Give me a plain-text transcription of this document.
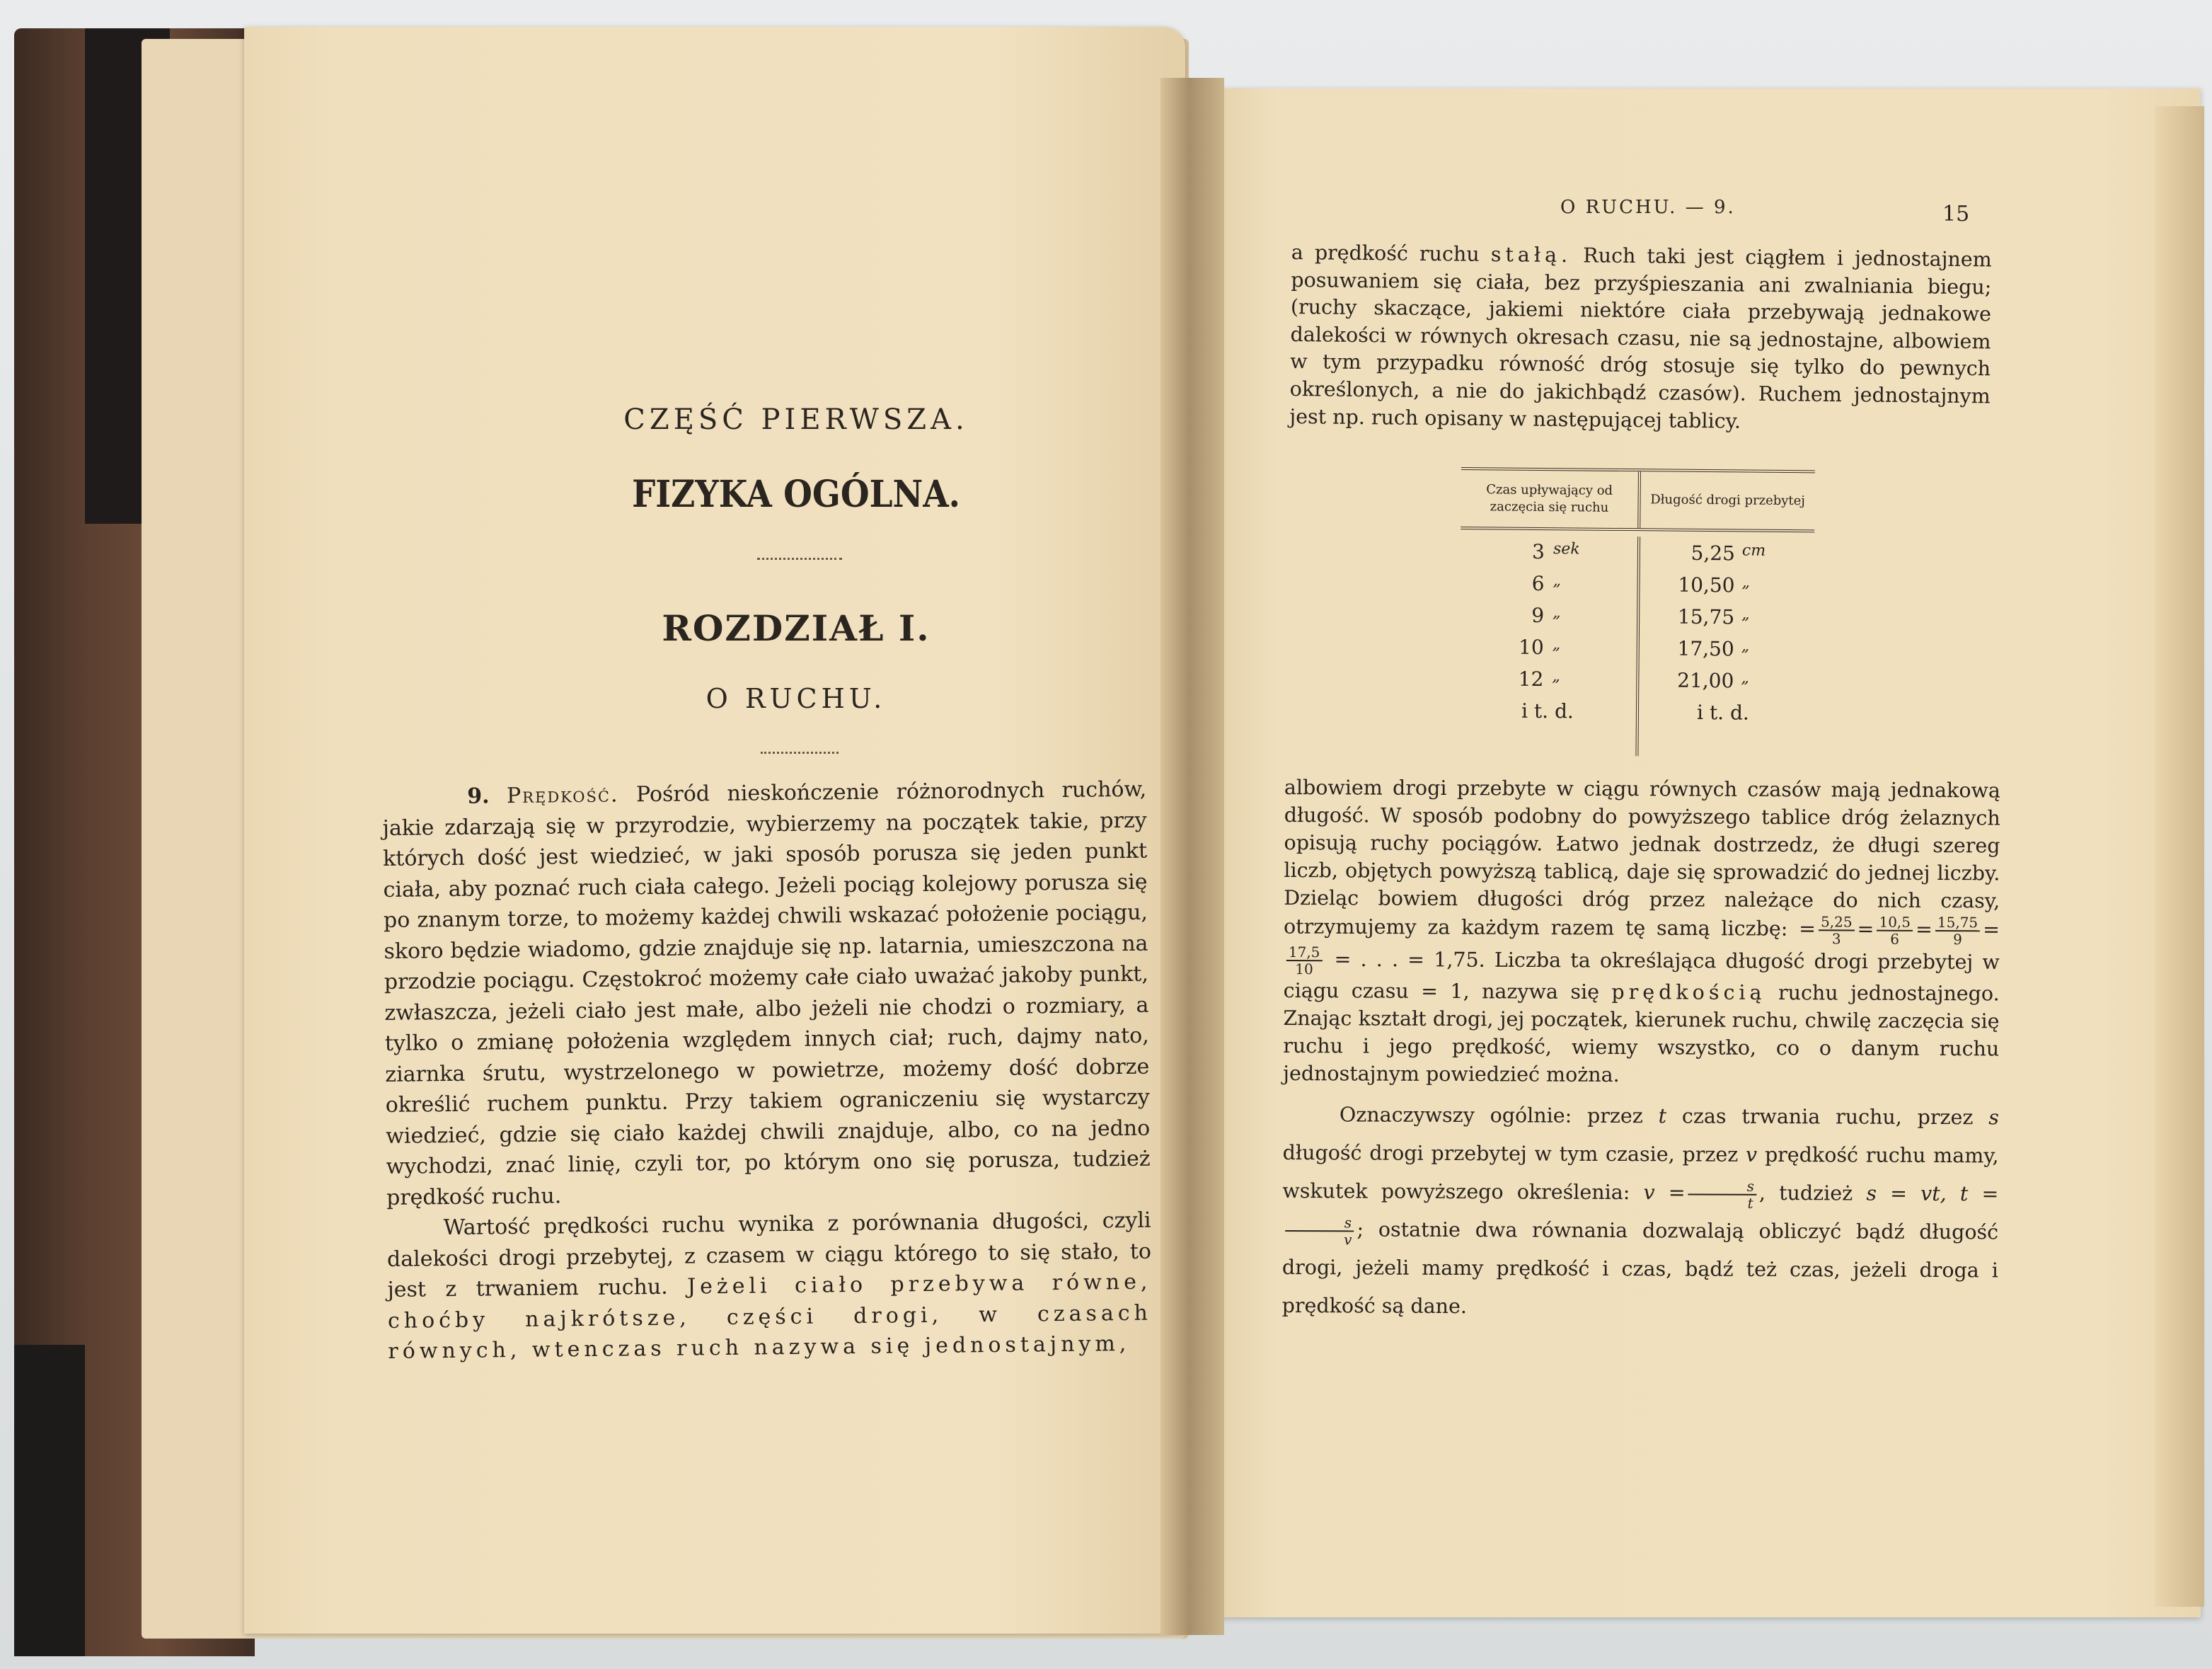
CZĘŚĆ PIERWSZA.
FIZYKA OGÓLNA.
ROZDZIAŁ I.
O RUCHU.

9. Prędkość. Pośród nieskończenie różnorodnych ruchów, jakie zdarzają się w przyrodzie, wybierzemy na początek takie, przy których dość jest wiedzieć, w jaki sposób porusza się jeden punkt ciała, aby poznać ruch ciała całego. Jeżeli pociąg kolejowy porusza się po znanym torze, to możemy każdej chwili wskazać położenie pociągu, skoro będzie wiadomo, gdzie znajduje się np. latarnia, umieszczona na przodzie pociągu. Częstokroć możemy całe ciało uważać jakoby punkt, zwłaszcza, jeżeli ciało jest małe, albo jeżeli nie chodzi o rozmiary, a tylko o zmianę położenia względem innych ciał; ruch, dajmy nato, ziarnka śrutu, wystrzelonego w powietrze, możemy dość dobrze określić ruchem punktu. Przy takiem ograniczeniu się wystarczy wiedzieć, gdzie się ciało każdej chwili znajduje, albo, co na jedno wychodzi, znać linię, czyli tor, po którym ono się porusza, tudzież prędkość ruchu.

Wartość prędkości ruchu wynika z porównania długości, czyli dalekości drogi przebytej, z czasem w ciągu którego to się stało, to jest z trwaniem ruchu. Jeżeli ciało przebywa równe, choćby najkrótsze, części drogi, w czasach równych, wtenczas ruch nazywa się jednostajnym,

O RUCHU. — 9.	15

a prędkość ruchu stałą. Ruch taki jest ciągłem i jednostajnem posuwaniem się ciała, bez przyśpieszania ani zwalniania biegu; (ruchy skaczące, jakiemi niektóre ciała przebywają jednakowe dalekości w równych okresach czasu, nie są jednostajne, albowiem w tym przypadku równość dróg stosuje się tylko do pewnych określonych, a nie do jakichbądź czasów). Ruchem jednostajnym jest np. ruch opisany w następującej tablicy.

Czas upływający od zaczęcia się ruchu	Długość drogi przebytej
3 sek	5,25 cm
6 „	10,50 „
9 „	15,75 „
10 „	17,50 „
12 „	21,00 „
i t. d.	i t. d.

albowiem drogi przebyte w ciągu równych czasów mają jednakową długość. W sposób podobny do powyższego tablice dróg żelaznych opisują ruchy pociągów. Łatwo jednak dostrzedz, że długi szereg liczb, objętych powyższą tablicą, daje się sprowadzić do jednej liczby. Dzieląc bowiem długości dróg przez należące do nich czasy, otrzymujemy za każdym razem tę samą liczbę: = $\frac{5,25}{3} = \frac{10,5}{6} = \frac{15,75}{9}$ =
$\frac{17,5}{10}$ = . . . = 1,75. Liczba ta określająca długość drogi przebytej w ciągu czasu = 1, nazywa się prędkością ruchu jednostajnego. Znając kształt drogi, jej początek, kierunek ruchu, chwilę zaczęcia się ruchu i jego prędkość, wiemy wszystko, co o danym ruchu jednostajnym powiedzieć można.

Oznaczywszy ogólnie: przez t czas trwania ruchu, przez s długość drogi przebytej w tym czasie, przez v prędkość ruchu mamy, wskutek powyższego określenia: $v = \frac{s}{t}$ , tudzież s = vt, t =
$\frac{s}{v}$ ; ostatnie dwa równania dozwalają obliczyć bądź długość drogi, jeżeli mamy prędkość i czas, bądź też czas, jeżeli droga i prędkość są dane.
